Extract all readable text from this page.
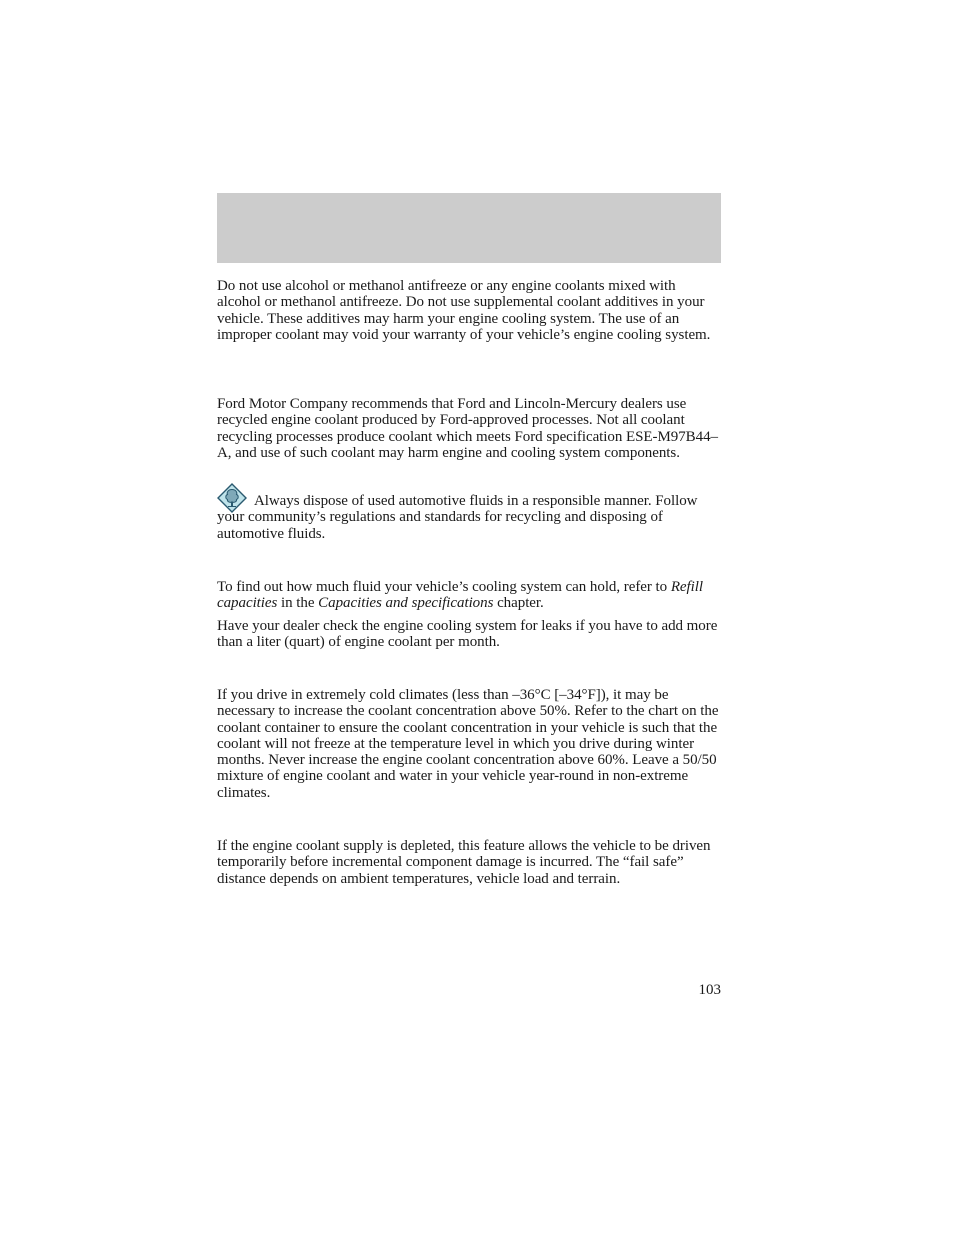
Do not use alcohol or methanol antifreeze or any engine coolants mixed with alcohol or methanol antifreeze. Do not use supplemental coolant additives in your vehicle. These additives may harm your engine cooling system. The use of an improper coolant may void your warranty of your vehicle’s engine cooling system.

Ford Motor Company recommends that Ford and Lincoln-Mercury dealers use recycled engine coolant produced by Ford-approved processes. Not all coolant recycling processes produce coolant which meets Ford specification ESE-M97B44–A, and use of such coolant may harm engine and cooling system components.

Always dispose of used automotive fluids in a responsible manner. Follow your community’s regulations and standards for recycling and disposing of automotive fluids.

To find out how much fluid your vehicle’s cooling system can hold, refer to Refill capacities in the Capacities and specifications chapter.

Have your dealer check the engine cooling system for leaks if you have to add more than a liter (quart) of engine coolant per month.

If you drive in extremely cold climates (less than –36°C [–34°F]), it may be necessary to increase the coolant concentration above 50%. Refer to the chart on the coolant container to ensure the coolant concentration in your vehicle is such that the coolant will not freeze at the temperature level in which you drive during winter months. Never increase the engine coolant concentration above 60%. Leave a 50/50 mixture of engine coolant and water in your vehicle year-round in non-extreme climates.

If the engine coolant supply is depleted, this feature allows the vehicle to be driven temporarily before incremental component damage is incurred. The “fail safe” distance depends on ambient temperatures, vehicle load and terrain.

103
